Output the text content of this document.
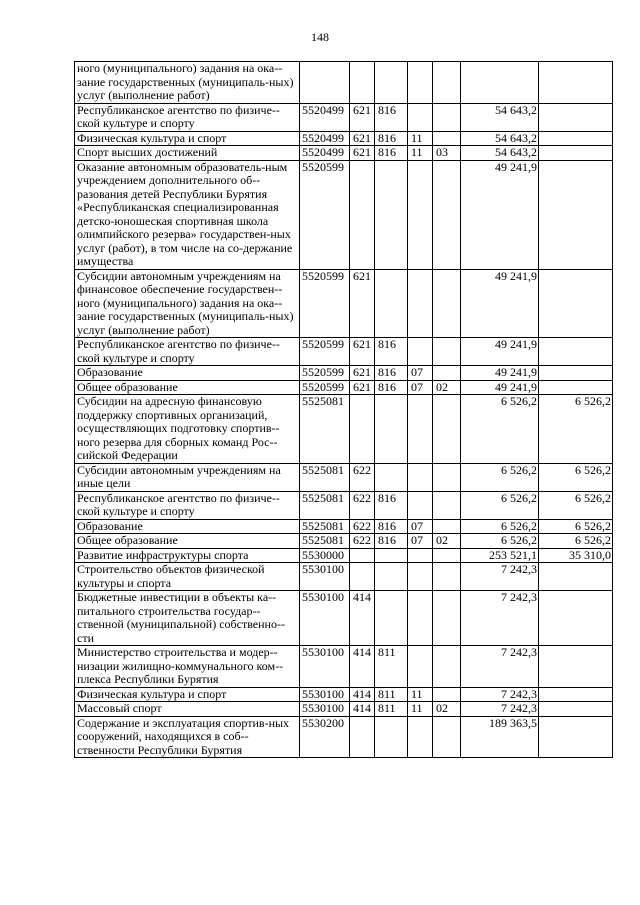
148
ного (муниципального) задания на ока-зание государственных (муниципаль-ных) услуг (выполнение работ)							
Республиканское агентство по физиче-ской культуре и спорту	5520499	621	816			54 643,2	
Физическая культура и спорт	5520499	621	816	11		54 643,2	
Спорт высших достижений	5520499	621	816	11	03	54 643,2	
Оказание автономным образователь-ным учреждением дополнительного об-разования детей Республики Бурятия «Республиканская специализированная детско-юношеская спортивная школа олимпийского резерва» государствен-ных услуг (работ), в том числе на со-держание имущества	5520599					49 241,9	
Субсидии автономным учреждениям на финансовое обеспечение государствен-ного (муниципального) задания на ока-зание государственных (муниципаль-ных) услуг (выполнение работ)	5520599	621				49 241,9	
Республиканское агентство по физиче-ской культуре и спорту	5520599	621	816			49 241,9	
Образование	5520599	621	816	07		49 241,9	
Общее образование	5520599	621	816	07	02	49 241,9	
Субсидии на адресную финансовую поддержку спортивных организаций, осуществляющих подготовку спортив-ного резерва для сборных команд Рос-сийской Федерации	5525081					6 526,2	6 526,2
Субсидии автономным учреждениям на иные цели	5525081	622				6 526,2	6 526,2
Республиканское агентство по физиче-ской культуре и спорту	5525081	622	816			6 526,2	6 526,2
Образование	5525081	622	816	07		6 526,2	6 526,2
Общее образование	5525081	622	816	07	02	6 526,2	6 526,2
Развитие инфраструктуры спорта	5530000					253 521,1	35 310,0
Строительство объектов физической культуры и спорта	5530100					7 242,3	
Бюджетные инвестиции в объекты ка-питального строительства государ-ственной (муниципальной) собственно-сти	5530100	414				7 242,3	
Министерство строительства и модер-низации жилищно-коммунального ком-плекса Республики Бурятия	5530100	414	811			7 242,3	
Физическая культура и спорт	5530100	414	811	11		7 242,3	
Массовый спорт	5530100	414	811	11	02	7 242,3	
Содержание и эксплуатация спортив-ных сооружений, находящихся в соб-ственности Республики Бурятия	5530200					189 363,5	
